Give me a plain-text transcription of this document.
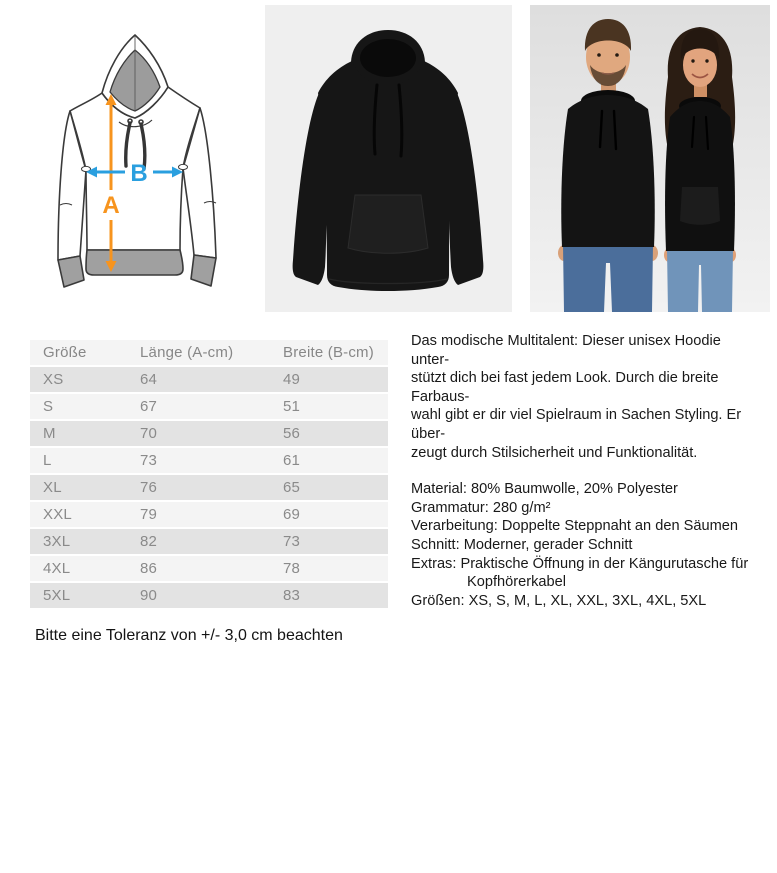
A
B
Größe	Länge (A-cm)	Breite (B-cm)
XS	64	49
S	67	51
M	70	56
L	73	61
XL	76	65
XXL	79	69
3XL	82	73
4XL	86	78
5XL	90	83
Das modische Multitalent: Dieser unisex Hoodie unter-
stützt dich bei fast jedem Look. Durch die breite Farbaus-
wahl gibt er dir viel Spielraum in Sachen Styling. Er über-
zeugt durch Stilsicherheit und Funktionalität.
Material: 80% Baumwolle, 20% Polyester
Grammatur: 280 g/m²
Verarbeitung: Doppelte Steppnaht an den Säumen
Schnitt: Moderner, gerader Schnitt
Extras: Praktische Öffnung in der Kängurutasche für
Kopfhörerkabel
Größen: XS, S, M, L, XL, XXL, 3XL, 4XL, 5XL
Bitte eine Toleranz von +/- 3,0 cm beachten
